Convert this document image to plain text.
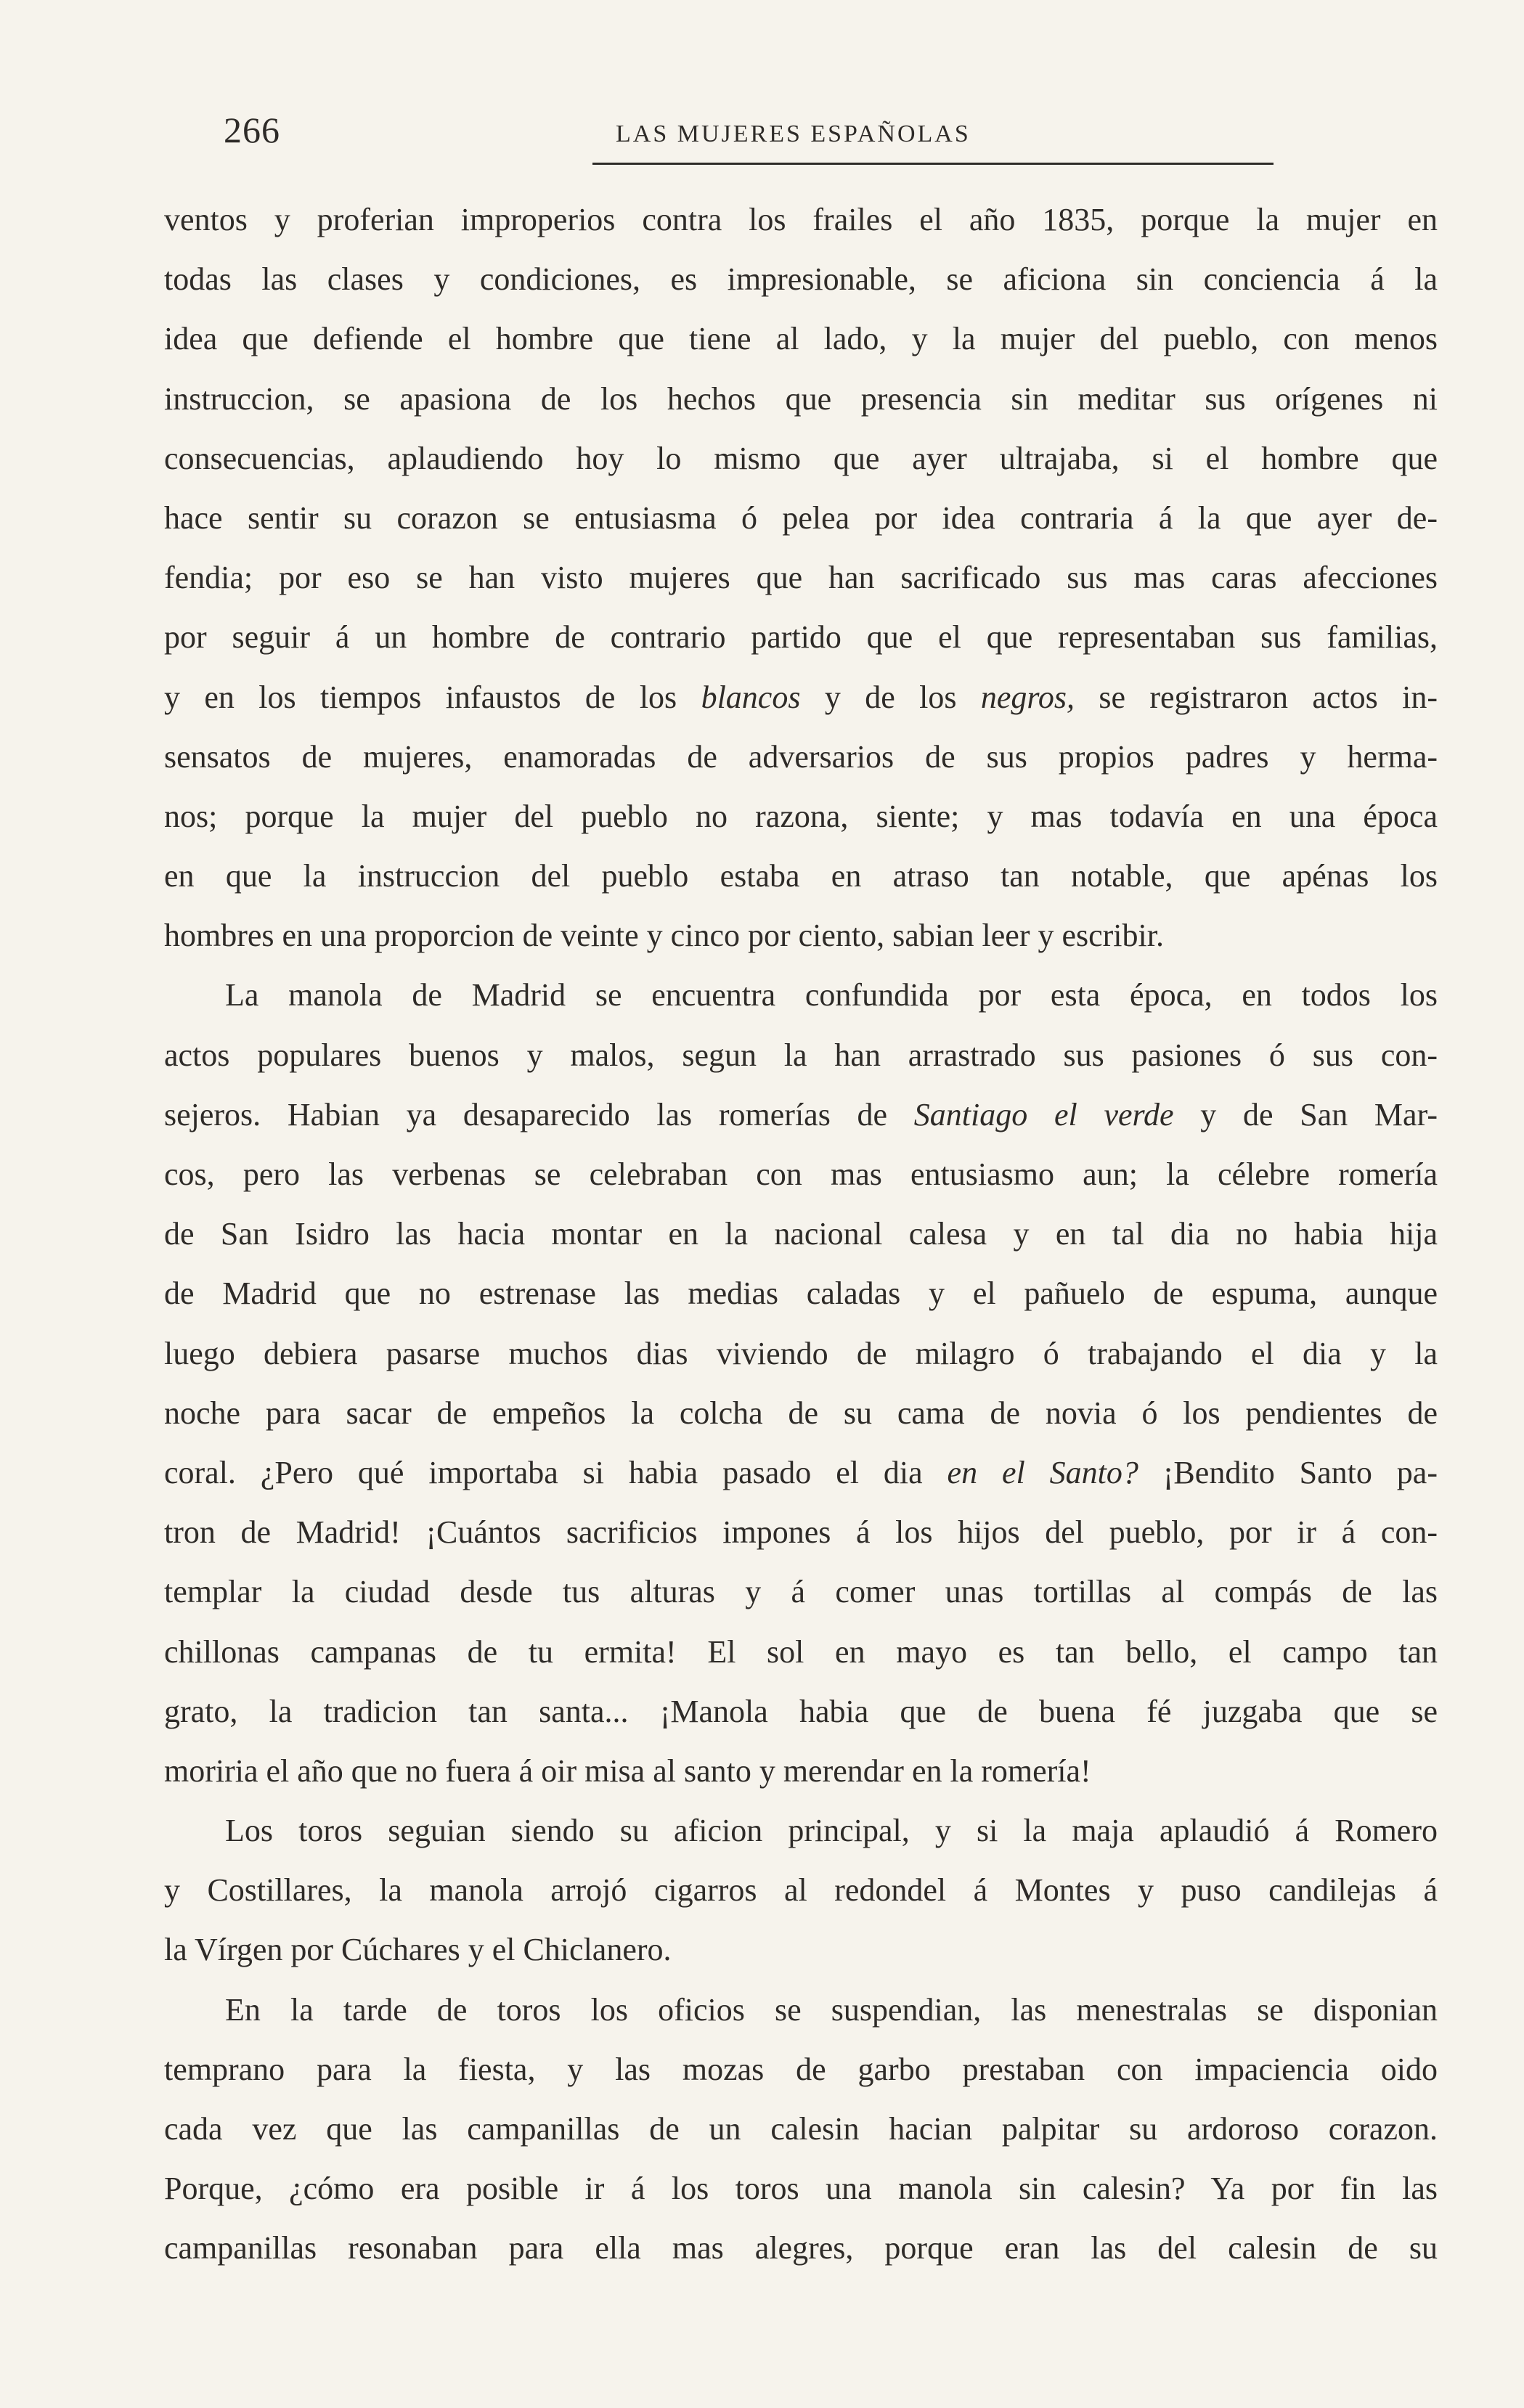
266	LAS MUJERES ESPAÑOLAS
ventos y proferian improperios contra los frailes el año 1835, porque la mujer en
todas las clases y condiciones, es impresionable, se aficiona sin conciencia á la
idea que defiende el hombre que tiene al lado, y la mujer del pueblo, con menos
instruccion, se apasiona de los hechos que presencia sin meditar sus orígenes ni
consecuencias, aplaudiendo hoy lo mismo que ayer ultrajaba, si el hombre que
hace sentir su corazon se entusiasma ó pelea por idea contraria á la que ayer de-
fendia; por eso se han visto mujeres que han sacrificado sus mas caras afecciones
por seguir á un hombre de contrario partido que el que representaban sus familias,
y en los tiempos infaustos de los blancos y de los negros, se registraron actos in-
sensatos de mujeres, enamoradas de adversarios de sus propios padres y herma-
nos; porque la mujer del pueblo no razona, siente; y mas todavía en una época
en que la instruccion del pueblo estaba en atraso tan notable, que apénas los
hombres en una proporcion de veinte y cinco por ciento, sabian leer y escribir.
La manola de Madrid se encuentra confundida por esta época, en todos los
actos populares buenos y malos, segun la han arrastrado sus pasiones ó sus con-
sejeros. Habian ya desaparecido las romerías de Santiago el verde y de San Mar-
cos, pero las verbenas se celebraban con mas entusiasmo aun; la célebre romería
de San Isidro las hacia montar en la nacional calesa y en tal dia no habia hija
de Madrid que no estrenase las medias caladas y el pañuelo de espuma, aunque
luego debiera pasarse muchos dias viviendo de milagro ó trabajando el dia y la
noche para sacar de empeños la colcha de su cama de novia ó los pendientes de
coral. ¿Pero qué importaba si habia pasado el dia en el Santo? ¡Bendito Santo pa-
tron de Madrid! ¡Cuántos sacrificios impones á los hijos del pueblo, por ir á con-
templar la ciudad desde tus alturas y á comer unas tortillas al compás de las
chillonas campanas de tu ermita! El sol en mayo es tan bello, el campo tan
grato, la tradicion tan santa... ¡Manola habia que de buena fé juzgaba que se
moriria el año que no fuera á oir misa al santo y merendar en la romería!
Los toros seguian siendo su aficion principal, y si la maja aplaudió á Romero
y Costillares, la manola arrojó cigarros al redondel á Montes y puso candilejas á
la Vírgen por Cúchares y el Chiclanero.
En la tarde de toros los oficios se suspendian, las menestralas se disponian
temprano para la fiesta, y las mozas de garbo prestaban con impaciencia oido
cada vez que las campanillas de un calesin hacian palpitar su ardoroso corazon.
Porque, ¿cómo era posible ir á los toros una manola sin calesin? Ya por fin las
campanillas resonaban para ella mas alegres, porque eran las del calesin de su
